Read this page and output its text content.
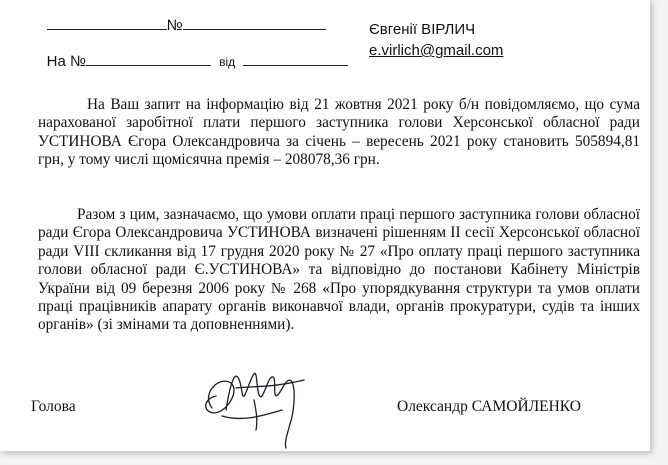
№

На №	від

Євгенії ВІРЛИЧ
e.virlich@gmail.com

На Ваш запит на інформацію від 21 жовтня 2021 року б/н повідомляємо, що сума нарахованої заробітної плати першого заступника голови Херсонської обласної ради УСТИНОВА Єгора Олександровича за січень – вересень 2021 року становить 505894,81 грн, у тому числі щомісячна премія – 208078,36 грн.

Разом з цим, зазначаємо, що умови оплати праці першого заступника голови обласної ради Єгора Олександровича УСТИНОВА визначені рішенням ІІ сесії Херсонської обласної ради VIII скликання від 17 грудня 2020 року № 27 «Про оплату праці першого заступника голови обласної ради Є.УСТИНОВА» та відповідно до постанови Кабінету Міністрів України від 09 березня 2006 року № 268 «Про упорядкування структури та умов оплати праці працівників апарату органів виконавчої влади, органів прокуратури, судів та інших органів» (зі змінами та доповненнями).

Голова	Олександр САМОЙЛЕНКО
